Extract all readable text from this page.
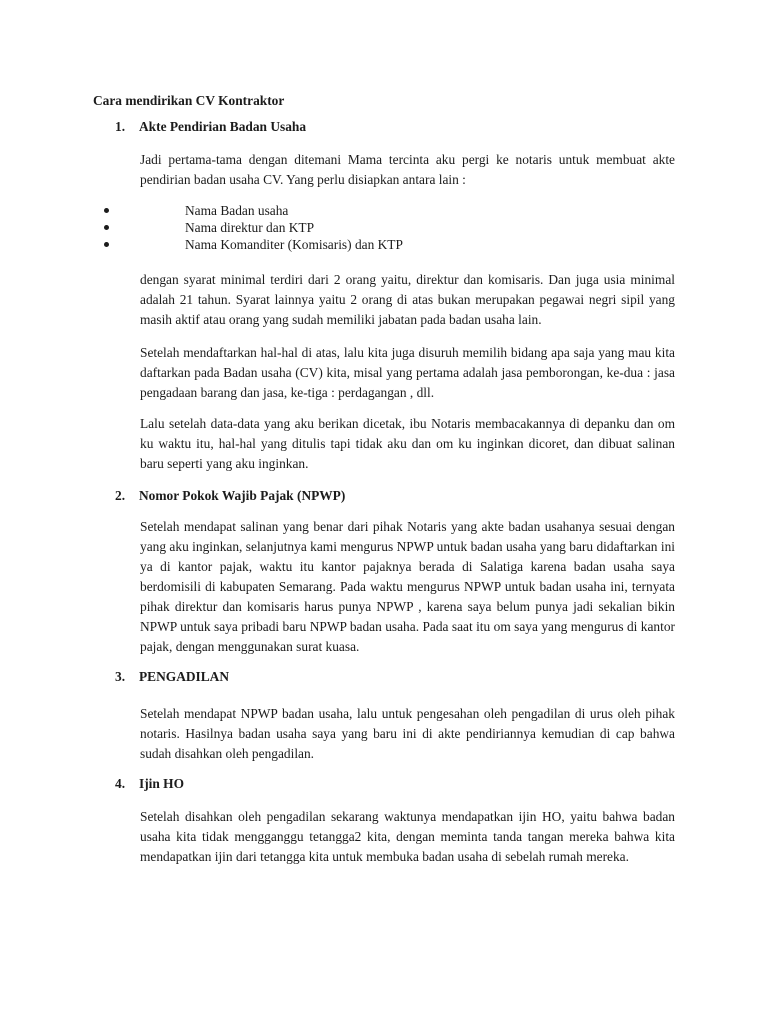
Cara mendirikan CV Kontraktor
1. Akte Pendirian Badan Usaha
Jadi pertama-tama dengan ditemani Mama tercinta aku pergi ke notaris untuk membuat akte pendirian badan usaha CV. Yang perlu disiapkan antara lain :
Nama Badan usaha
Nama direktur dan KTP
Nama Komanditer (Komisaris) dan KTP
dengan syarat minimal terdiri dari 2 orang yaitu, direktur dan komisaris. Dan juga usia minimal adalah 21 tahun. Syarat lainnya yaitu 2 orang di atas bukan merupakan pegawai negri sipil yang masih aktif atau orang yang sudah memiliki jabatan pada badan usaha lain.
Setelah mendaftarkan hal-hal di atas, lalu kita juga disuruh memilih bidang apa saja yang mau kita daftarkan pada Badan usaha (CV) kita, misal yang pertama adalah jasa pemborongan, ke-dua : jasa pengadaan barang dan jasa, ke-tiga : perdagangan , dll.
Lalu setelah data-data yang aku berikan dicetak, ibu Notaris membacakannya di depanku dan om ku waktu itu, hal-hal yang ditulis tapi tidak aku dan om ku inginkan dicoret, dan dibuat salinan baru seperti yang aku inginkan.
2. Nomor Pokok Wajib Pajak (NPWP)
Setelah mendapat salinan yang benar dari pihak Notaris yang akte badan usahanya sesuai dengan yang aku inginkan, selanjutnya kami mengurus NPWP untuk badan usaha yang baru didaftarkan ini ya di kantor pajak, waktu itu kantor pajaknya berada di Salatiga karena badan usaha saya berdomisili di kabupaten Semarang. Pada waktu mengurus NPWP untuk badan usaha ini, ternyata pihak direktur dan komisaris harus punya NPWP , karena saya belum punya jadi sekalian bikin NPWP untuk saya pribadi baru NPWP badan usaha. Pada saat itu om saya yang mengurus di kantor pajak, dengan menggunakan surat kuasa.
3. PENGADILAN
Setelah mendapat NPWP badan usaha, lalu untuk pengesahan oleh pengadilan di urus oleh pihak notaris. Hasilnya badan usaha saya yang baru ini di akte pendiriannya kemudian di cap bahwa sudah disahkan oleh pengadilan.
4. Ijin HO
Setelah disahkan oleh pengadilan sekarang waktunya mendapatkan ijin HO, yaitu bahwa badan usaha kita tidak mengganggu tetangga2 kita, dengan meminta tanda tangan mereka bahwa kita mendapatkan ijin dari tetangga kita untuk membuka badan usaha di sebelah rumah mereka.
